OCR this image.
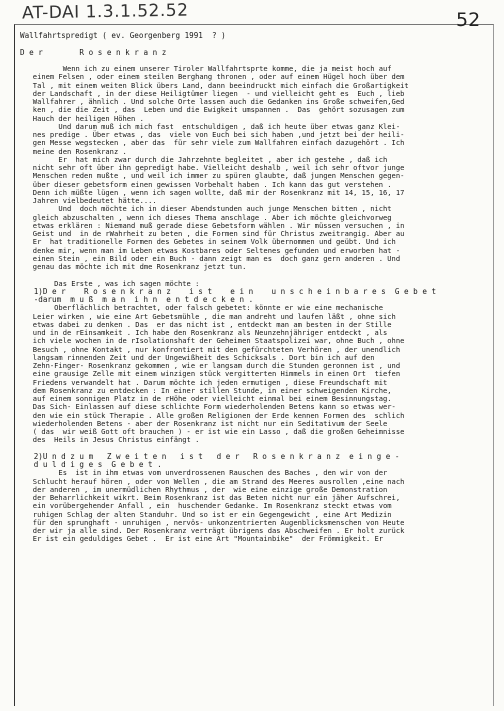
AT-DAI 1.3.1.52.52	52
Wallfahrtspredigt ( ev. Georgenberg 1991  ? )
D e r        R o s e n k r a n z
Wenn ich zu einem unserer Tiroler Wallfahrtsprte komme, die ja meist hoch auf
einem Felsen , oder einem steilen Berghang thronen , oder auf einem Hügel hoch über dem
Tal , mit einem weiten Blick übers Land, dann beeindruckt mich einfach die Großartigkeit
der Landschaft , in der diese Heiligtümer liegen  - und vielleicht geht es  Euch , lieb
Wallfahrer , ähnlich . Und solche Orte lassen auch die Gedanken ins Große schweifen,Ged
ken , die die Zeit , das  Leben und die Ewigkeit umspannen .  Das  gehört sozusagen zum
Hauch der heiligen Höhen .
Und darum muß ich mich fast  entschuldigen , daß ich heute über etwas ganz Klei-
nes predige . Über etwas , das  viele von Euch bei sich haben ,und jetzt bei der heili-
gen Messe wegstecken , aber das  für sehr viele zum Wallfahren einfach dazugehört . Ich
meine den Rosenkranz .
Er  hat mich zwar durch die Jahrzehnte begleitet , aber ich gestehe , daß ich
nicht sehr oft über ihn gepredigt habe. Vielleicht deshalb , weil ich sehr oftvor junge
Menschen reden mußte , und weil ich immer zu spüren glaubte, daß jungen Menschen gegen-
über dieser gebetsform einen gewissen Vorbehalt haben . Ich kann das gut verstehen .
Denn ich müßte lügen , wenn ich sagen wollte, daß mir der Rosenkranz mit 14, 15, 16, 17
Jahren vielbedeutet hätte....
Und  doch möchte ich in dieser Abendstunden auch junge Menschen bitten , nicht
gleich abzuschalten , wenn ich dieses Thema anschlage . Aber ich möchte gleichvorweg
etwas erklären : Niemand muß gerade diese Gebetsform wählen . Wir müssen versuchen , in
Geist und  in de rWahrheit zu beten , die Formen sind für Christus zweitrangig. Aber au
Er  hat traditionelle Formen des Gebetes in seinem Volk übernommen und geübt. Und ich
denke mir, wenn man im Leben etwas Kostbares oder Seltenes gefunden und erworben hat -
einen Stein , ein Bild oder ein Buch - dann zeigt man es  doch ganz gern anderen . Und
genau das möchte ich mit dme Rosenkranz jetzt tun.
Das Erste , was ich sagen möchte :
1)D e r    R o s e n k r a n z    i s t    e i n    u n s c h e i n b a r e s  G e b e t
-darum  m u ß  m a n  i h n  e n t d e c k e n .
Oberflächlich betrachtet, oder falsch gebetet: könnte er wie eine mechanische
Leier wirken , wie eine Art Gebetsmühle , die man andreht und laufen läßt , ohne sich
etwas dabei zu denken . Das  er das nicht ist , entdeckt man am besten in der Stille
und in de rEinsamkeit . Ich habe den Rosenkranz als Neunzehnjähriger entdeckt , als
ich viele wochen in de rIsolationshaft der Geheimen Staatspolizei war, ohne Buch , ohne
Besuch , ohne Kontakt , nur konfrontiert mit den gefürchteten Verhören , der unendlich
langsam rinnenden Zeit und der Ungewißheit des Schicksals . Dort bin ich auf den
Zehn-Finger- Rosenkranz gekommen , wie er langsam durch die Stunden geronnen ist , und
eine grausige Zelle mit einem winzigen stück vergitterten Himmels in einen Ort  tiefen
Friedens verwandelt hat . Darum möchte ich jeden ermutigen , diese Freundschaft mit
dem Rosenkranz zu entdecken : In einer stillen Stunde, in einer schweigenden Kirche,
auf einem sonnigen Platz in de rHöhe oder vielleicht einmal bei einem Besinnungstag.
Das Sich- Einlassen auf diese schlichte Form wiederholenden Betens kann so etwas wer-
den wie ein stück Therapie . Alle großen Religionen der Erde kennen Formen des  schlich
wiederholenden Betens - aber der Rosenkranz ist nicht nur ein Seditativum der Seele
( das  wir weiß Gott oft brauchen ) - er ist wie ein Lasso , daß die großen Geheimnisse
des  Heils in Jesus Christus einfängt .
2)U n d z u m   Z w e i t e n   i s t   d e r   R o s e n k r a n z  e i n g e -
d u l d i g e s  G e b e t .
Es  ist in ihm etwas vom unverdrossenen Rauschen des Baches , den wir von der
Schlucht herauf hören , oder von Wellen , die am Strand des Meeres ausrollen ,eine nach
der anderen , im unermüdlichen Rhythmus , der  wie eine einzige große Demonstration
der Beharrlichkeit wikrt. Beim Rosenkranz ist das Beten nicht nur ein jäher Aufschrei,
ein vorübergehender Anfall , ein  huschender Gedanke. Im Rosenkranz steckt etwas vom
ruhigen Schlag der alten Standuhr. Und so ist er ein Gegengewicht , eine Art Medizin
für den sprunghaft - unruhigen , nervös- unkonzentrierten Augenblicksmenschen von Heute
der wir ja alle sind. Der Rosenkranz verträgt übrigens das Abschweifen . Er holt zurück
Er ist ein geduldiges Gebet .  Er ist eine Art "Mountainbike"  der Frömmigkeit. Er
